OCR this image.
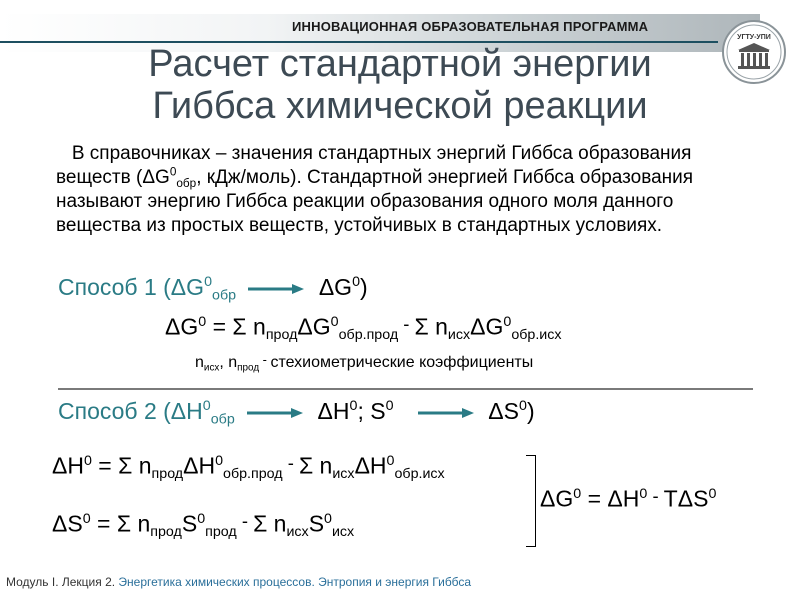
ИННОВАЦИОННАЯ ОБРАЗОВАТЕЛЬНАЯ ПРОГРАММА
УГТУ-УПИ
Расчет стандартной энергии
Гиббса химической реакции
В справочниках – значения стандартных энергий Гиббса образования веществ ($\Delta G^0_{обр}$, кДж/моль). Стандартной энергией Гиббса образования называют энергию Гиббса реакции образования одного моля данного вещества из простых веществ, устойчивых в стандартных условиях.
Способ 1 ($\Delta G^0_{обр}$	$\Delta G^0$)
$\Delta G^0 = \Sigma$ $n_{прод}\Delta G^0_{обр.прод}$ - Σ $n_{исх}\Delta G^0_{обр.исх}$
$n_{исх}$, $n_{прод}$ - стехиометрические коэффициенты
Способ 2 ($\Delta H^0_{обр}$	$\Delta H^0$; $S^0$	$\Delta S^0$)
$\Delta H^0 = \Sigma$ $n_{прод}\Delta H^0_{обр.прод}$ - Σ $n_{исх}\Delta H^0_{обр.исх}$
$\Delta S^0 = \Sigma$ $n_{прод}S^0_{прод}$ - Σ $n_{исх}S^0_{исх}$
$\Delta G^0 = \Delta H^0 - T\Delta S^0$
Модуль I. Лекция 2. Энергетика химических процессов. Энтропия и энергия Гиббса
